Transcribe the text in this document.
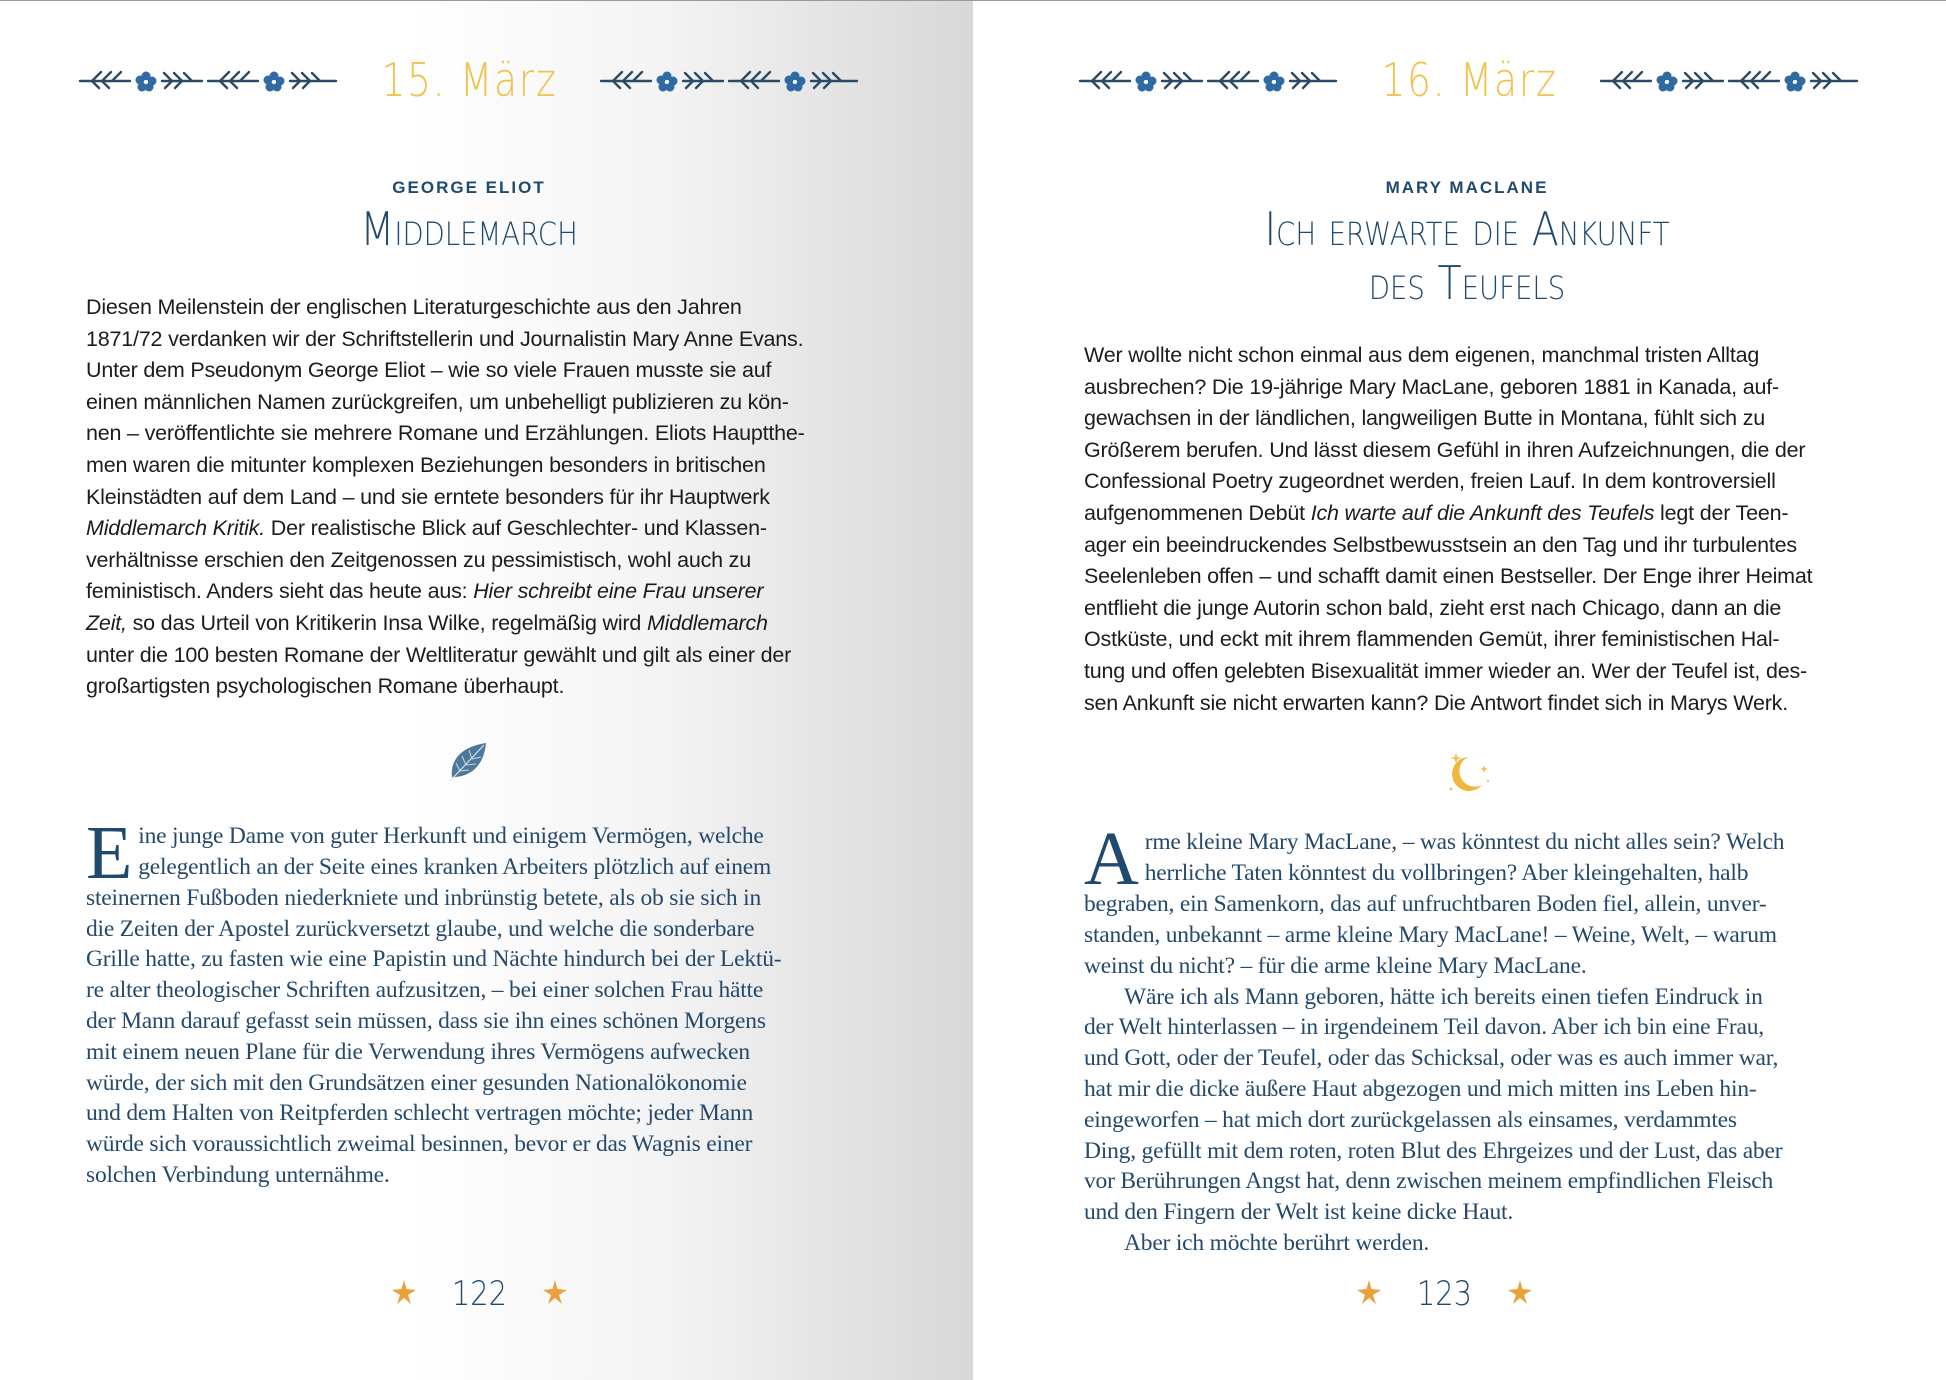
15. März
GEORGE ELIOT
Middlemarch

Diesen Meilenstein der englischen Literaturgeschichte aus den Jahren

1871/72 verdanken wir der Schriftstellerin und Journalistin Mary Anne Evans.

Unter dem Pseudonym George Eliot – wie so viele Frauen musste sie auf

einen männlichen Namen zurückgreifen, um unbehelligt publizieren zu kön-

nen – veröffentlichte sie mehrere Romane und Erzählungen. Eliots Hauptthe-

men waren die mitunter komplexen Beziehungen besonders in britischen

Kleinstädten auf dem Land – und sie erntete besonders für ihr Hauptwerk

Middlemarch Kritik. Der realistische Blick auf Geschlechter- und Klassen-

verhältnisse erschien den Zeitgenossen zu pessimistisch, wohl auch zu

feministisch. Anders sieht das heute aus: Hier schreibt eine Frau unserer

Zeit, so das Urteil von Kritikerin Insa Wilke, regelmäßig wird Middlemarch

unter die 100 besten Romane der Weltliteratur gewählt und gilt als einer der

großartigsten psychologischen Romane überhaupt.

E ine junge Dame von guter Herkunft und einigem Vermögen, welche

gelegentlich an der Seite eines kranken Arbeiters plötzlich auf einem

steinernen Fußboden niederkniete und inbrünstig betete, als ob sie sich in

die Zeiten der Apostel zurückversetzt glaube, und welche die sonderbare

Grille hatte, zu fasten wie eine Papistin und Nächte hindurch bei der Lektü-

re alter theologischer Schriften aufzusitzen, – bei einer solchen Frau hätte

der Mann darauf gefasst sein müssen, dass sie ihn eines schönen Morgens

mit einem neuen Plane für die Verwendung ihres Vermögens aufwecken

würde, der sich mit den Grundsätzen einer gesunden Nationalökonomie

und dem Halten von Reitpferden schlecht vertragen möchte; jeder Mann

würde sich voraussichtlich zweimal besinnen, bevor er das Wagnis einer

solchen Verbindung unternähme.

122
16. März
MARY MACLANE
Ich erwarte die Ankunft
des Teufels

Wer wollte nicht schon einmal aus dem eigenen, manchmal tristen Alltag

ausbrechen? Die 19-jährige Mary MacLane, geboren 1881 in Kanada, auf-

gewachsen in der ländlichen, langweiligen Butte in Montana, fühlt sich zu

Größerem berufen. Und lässt diesem Gefühl in ihren Aufzeichnungen, die der

Confessional Poetry zugeordnet werden, freien Lauf. In dem kontroversiell

aufgenommenen Debüt Ich warte auf die Ankunft des Teufels legt der Teen-

ager ein beeindruckendes Selbstbewusstsein an den Tag und ihr turbulentes

Seelenleben offen – und schafft damit einen Bestseller. Der Enge ihrer Heimat

entflieht die junge Autorin schon bald, zieht erst nach Chicago, dann an die

Ostküste, und eckt mit ihrem flammenden Gemüt, ihrer feministischen Hal-

tung und offen gelebten Bisexualität immer wieder an. Wer der Teufel ist, des-

sen Ankunft sie nicht erwarten kann? Die Antwort findet sich in Marys Werk.

A rme kleine Mary MacLane, – was könntest du nicht alles sein? Welch

herrliche Taten könntest du vollbringen? Aber kleingehalten, halb

begraben, ein Samenkorn, das auf unfruchtbaren Boden fiel, allein, unver-

standen, unbekannt – arme kleine Mary MacLane! – Weine, Welt, – warum

weinst du nicht? – für die arme kleine Mary MacLane.

Wäre ich als Mann geboren, hätte ich bereits einen tiefen Eindruck in

der Welt hinterlassen – in irgendeinem Teil davon. Aber ich bin eine Frau,

und Gott, oder der Teufel, oder das Schicksal, oder was es auch immer war,

hat mir die dicke äußere Haut abgezogen und mich mitten ins Leben hin-

eingeworfen – hat mich dort zurückgelassen als einsames, verdammtes

Ding, gefüllt mit dem roten, roten Blut des Ehrgeizes und der Lust, das aber

vor Berührungen Angst hat, denn zwischen meinem empfindlichen Fleisch

und den Fingern der Welt ist keine dicke Haut.

Aber ich möchte berührt werden.

123
